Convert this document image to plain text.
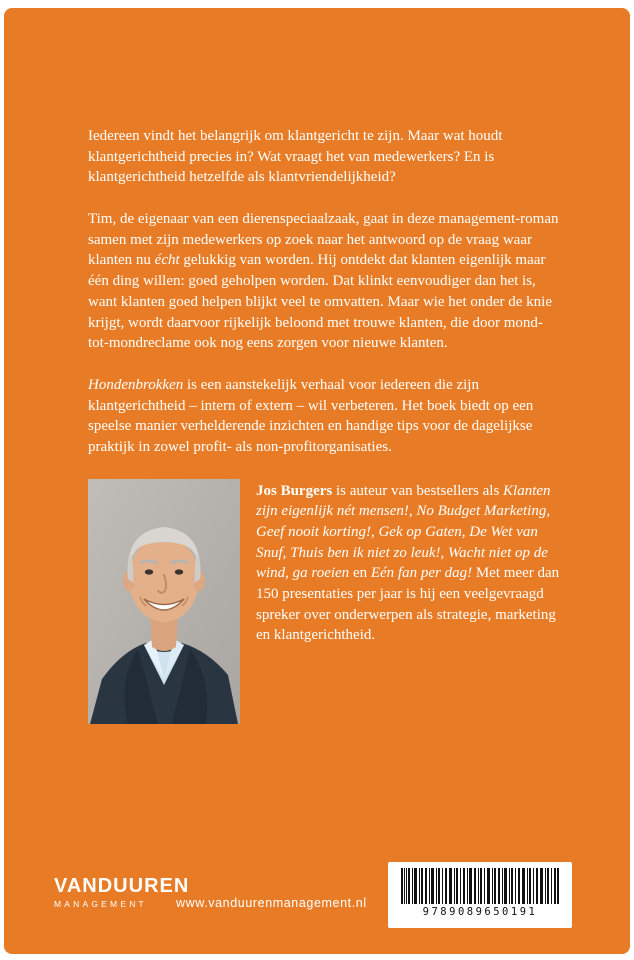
Iedereen vindt het belangrijk om klantgericht te zijn. Maar wat houdt klantgerichtheid precies in? Wat vraagt het van medewerkers? En is klantgerichtheid hetzelfde als klantvriendelijkheid?

Tim, de eigenaar van een dierenspeciaalzaak, gaat in deze management-roman samen met zijn medewerkers op zoek naar het antwoord op de vraag waar klanten nu écht gelukkig van worden. Hij ontdekt dat klanten eigenlijk maar één ding willen: goed geholpen worden. Dat klinkt eenvoudiger dan het is, want klanten goed helpen blijkt veel te omvatten. Maar wie het onder de knie krijgt, wordt daarvoor rijkelijk beloond met trouwe klanten, die door mond-tot-mondreclame ook nog eens zorgen voor nieuwe klanten.

Hondenbrokken is een aanstekelijk verhaal voor iedereen die zijn klantgerichtheid – intern of extern – wil verbeteren. Het boek biedt op een speelse manier verhelderende inzichten en handige tips voor de dagelijkse praktijk in zowel profit- als non-profitorganisaties.

Jos Burgers is auteur van bestsellers als Klanten zijn eigenlijk nét mensen!, No Budget Marketing, Geef nooit korting!, Gek op Gaten, De Wet van Snuf, Thuis ben ik niet zo leuk!, Wacht niet op de wind, ga roeien en Eén fan per dag! Met meer dan 150 presentaties per jaar is hij een veelgevraagd spreker over onderwerpen als strategie, marketing en klantgerichtheid.
VANDUUREN
MANAGEMENT	www.vanduurenmanagement.nl
9789089650191
